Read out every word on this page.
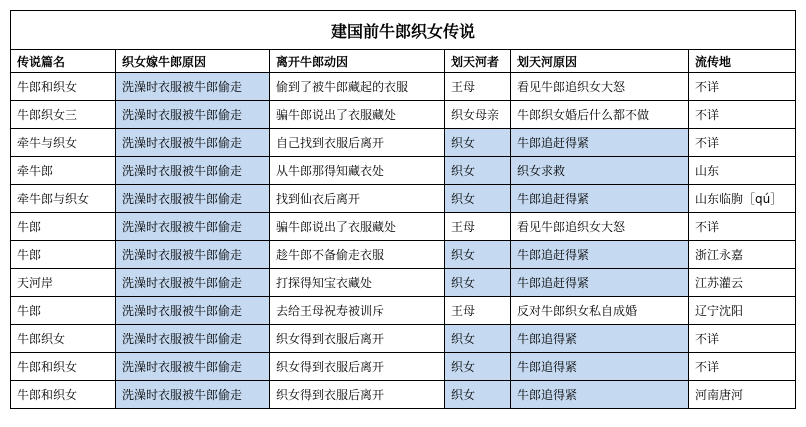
建国前牛郎织女传说					
传说篇名	织女嫁牛郎原因	离开牛郎动因	划天河者	划天河原因	流传地
牛郎和织女	洗澡时衣服被牛郎偷走	偷到了被牛郎藏起的衣服	王母	看见牛郎追织女大怒	不详
牛郎织女三	洗澡时衣服被牛郎偷走	骗牛郎说出了衣服藏处	织女母亲	牛郎织女婚后什么都不做	不详
牵牛与织女	洗澡时衣服被牛郎偷走	自己找到衣服后离开	织女	牛郎追赶得紧	不详
牵牛郎	洗澡时衣服被牛郎偷走	从牛郎那得知藏衣处	织女	织女求救	山东
牵牛郎与织女	洗澡时衣服被牛郎偷走	找到仙衣后离开	织女	牛郎追赶得紧	山东临朐［qú］
牛郎	洗澡时衣服被牛郎偷走	骗牛郎说出了衣服藏处	王母	看见牛郎追织女大怒	不详
牛郎	洗澡时衣服被牛郎偷走	趁牛郎不备偷走衣服	织女	牛郎追赶得紧	浙江永嘉
天河岸	洗澡时衣服被牛郎偷走	打探得知宝衣藏处	织女	牛郎追赶得紧	江苏灌云
牛郎	洗澡时衣服被牛郎偷走	去给王母祝寿被训斥	王母	反对牛郎织女私自成婚	辽宁沈阳
牛郎织女	洗澡时衣服被牛郎偷走	织女得到衣服后离开	织女	牛郎追得紧	不详
牛郎和织女	洗澡时衣服被牛郎偷走	织女得到衣服后离开	织女	牛郎追得紧	不详
牛郎和织女	洗澡时衣服被牛郎偷走	织女得到衣服后离开	织女	牛郎追得紧	河南唐河
